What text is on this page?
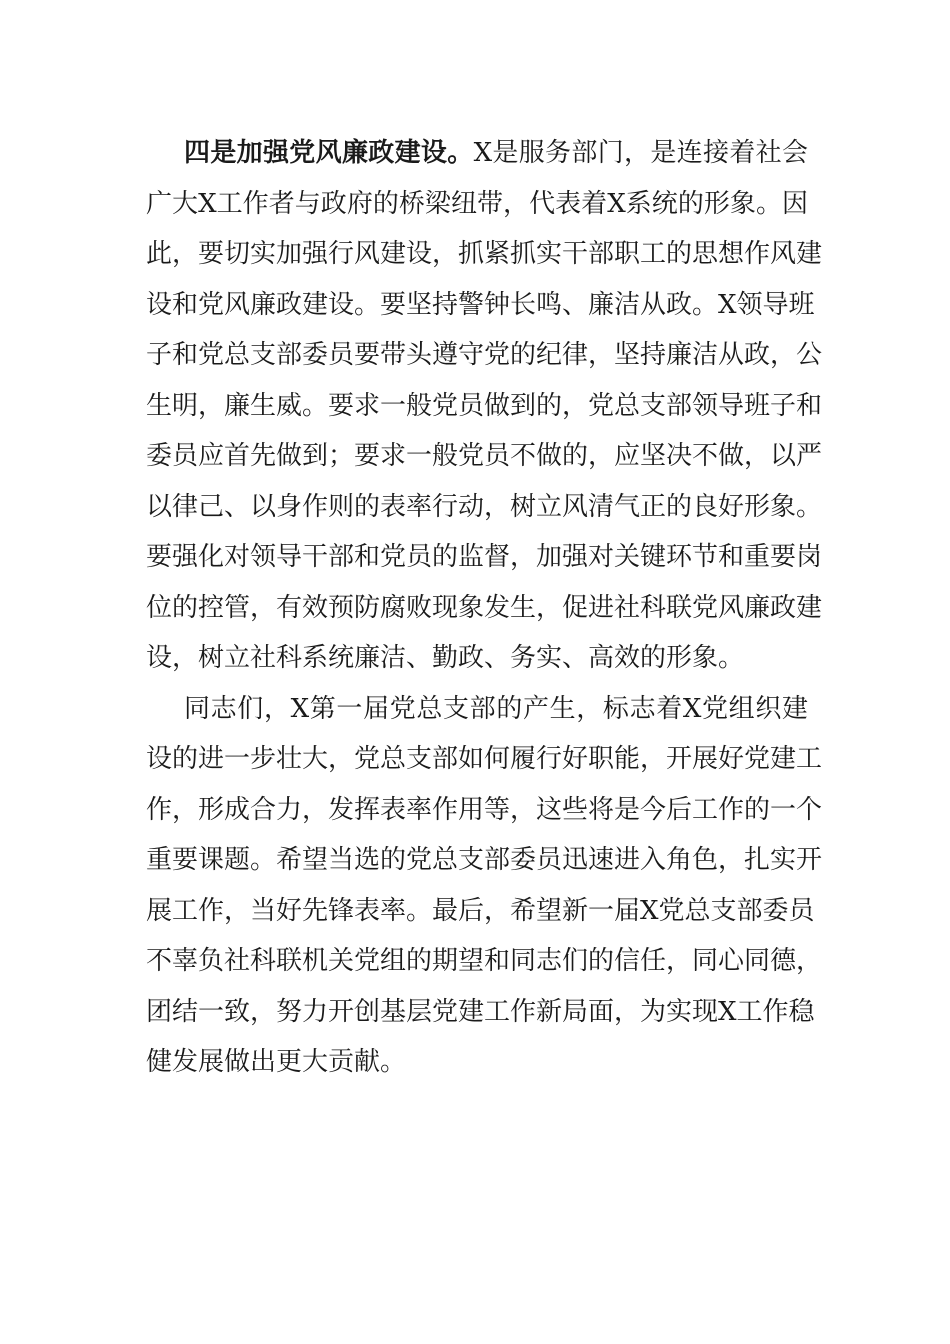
四是加强党风廉政建设。X是服务部门，是连接着社会
广大X工作者与政府的桥梁纽带，代表着X系统的形象。因
此，要切实加强行风建设，抓紧抓实干部职工的思想作风建
设和党风廉政建设。要坚持警钟长鸣、廉洁从政。X领导班
子和党总支部委员要带头遵守党的纪律，坚持廉洁从政，公
生明，廉生威。要求一般党员做到的，党总支部领导班子和
委员应首先做到；要求一般党员不做的，应坚决不做，以严
以律己、以身作则的表率行动，树立风清气正的良好形象。
要强化对领导干部和党员的监督，加强对关键环节和重要岗
位的控管，有效预防腐败现象发生，促进社科联党风廉政建
设，树立社科系统廉洁、勤政、务实、高效的形象。
同志们，X第一届党总支部的产生，标志着X党组织建
设的进一步壮大，党总支部如何履行好职能，开展好党建工
作，形成合力，发挥表率作用等，这些将是今后工作的一个
重要课题。希望当选的党总支部委员迅速进入角色，扎实开
展工作，当好先锋表率。最后，希望新一届X党总支部委员
不辜负社科联机关党组的期望和同志们的信任，同心同德，
团结一致，努力开创基层党建工作新局面，为实现X工作稳
健发展做出更大贡献。
